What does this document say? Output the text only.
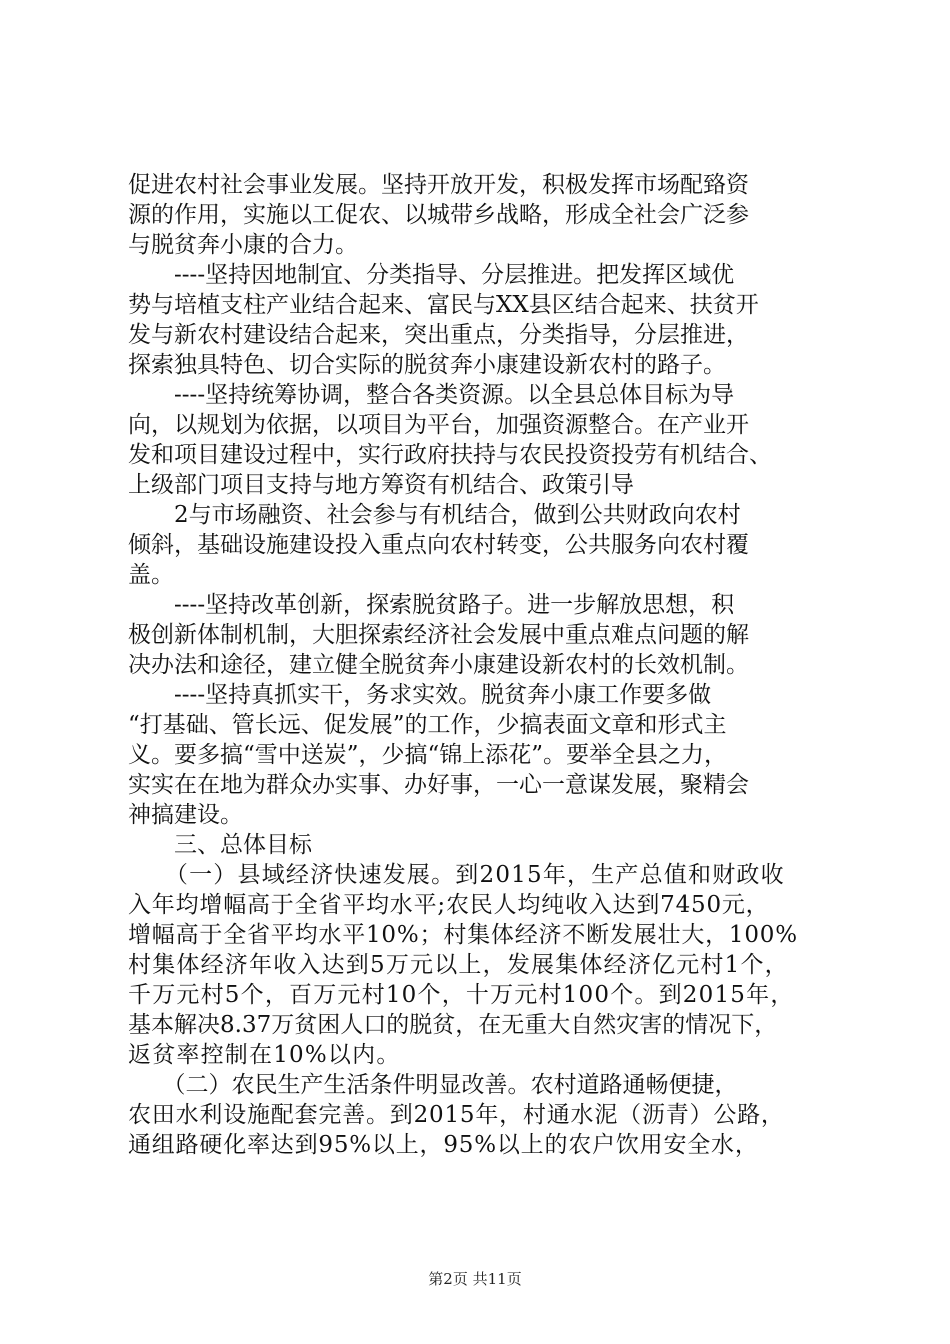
促进农村社会事业发展。坚持开放开发，积极发挥市场配臵资
源的作用，实施以工促农、以城带乡战略，形成全社会广泛参
与脱贫奔小康的合力。
　　----坚持因地制宜、分类指导、分层推进。把发挥区域优
势与培植支柱产业结合起来、富民与XX县区结合起来、扶贫开
发与新农村建设结合起来，突出重点，分类指导，分层推进，
探索独具特色、切合实际的脱贫奔小康建设新农村的路子。
　　----坚持统筹协调，整合各类资源。以全县总体目标为导
向，以规划为依据，以项目为平台，加强资源整合。在产业开
发和项目建设过程中，实行政府扶持与农民投资投劳有机结合、
上级部门项目支持与地方筹资有机结合、政策引导
　　2与市场融资、社会参与有机结合，做到公共财政向农村
倾斜，基础设施建设投入重点向农村转变，公共服务向农村覆
盖。
　　----坚持改革创新，探索脱贫路子。进一步解放思想，积
极创新体制机制，大胆探索经济社会发展中重点难点问题的解
决办法和途径，建立健全脱贫奔小康建设新农村的长效机制。
　　----坚持真抓实干，务求实效。脱贫奔小康工作要多做
“打基础、管长远、促发展”的工作，少搞表面文章和形式主
义。要多搞“雪中送炭”，少搞“锦上添花”。要举全县之力，
实实在在地为群众办实事、办好事，一心一意谋发展，聚精会
神搞建设。
　　三、总体目标
　　（一）县域经济快速发展。到2015年，生产总值和财政收
入年均增幅高于全省平均水平;农民人均纯收入达到7450元，
增幅高于全省平均水平10%；村集体经济不断发展壮大，100%
村集体经济年收入达到5万元以上，发展集体经济亿元村1个，
千万元村5个，百万元村10个，十万元村100个。到2015年，
基本解决8.37万贫困人口的脱贫，在无重大自然灾害的情况下，
返贫率控制在10%以内。
　　（二）农民生产生活条件明显改善。农村道路通畅便捷，
农田水利设施配套完善。到2015年，村通水泥（沥青）公路，
通组路硬化率达到95%以上，95%以上的农户饮用安全水，
第2页 共11页
